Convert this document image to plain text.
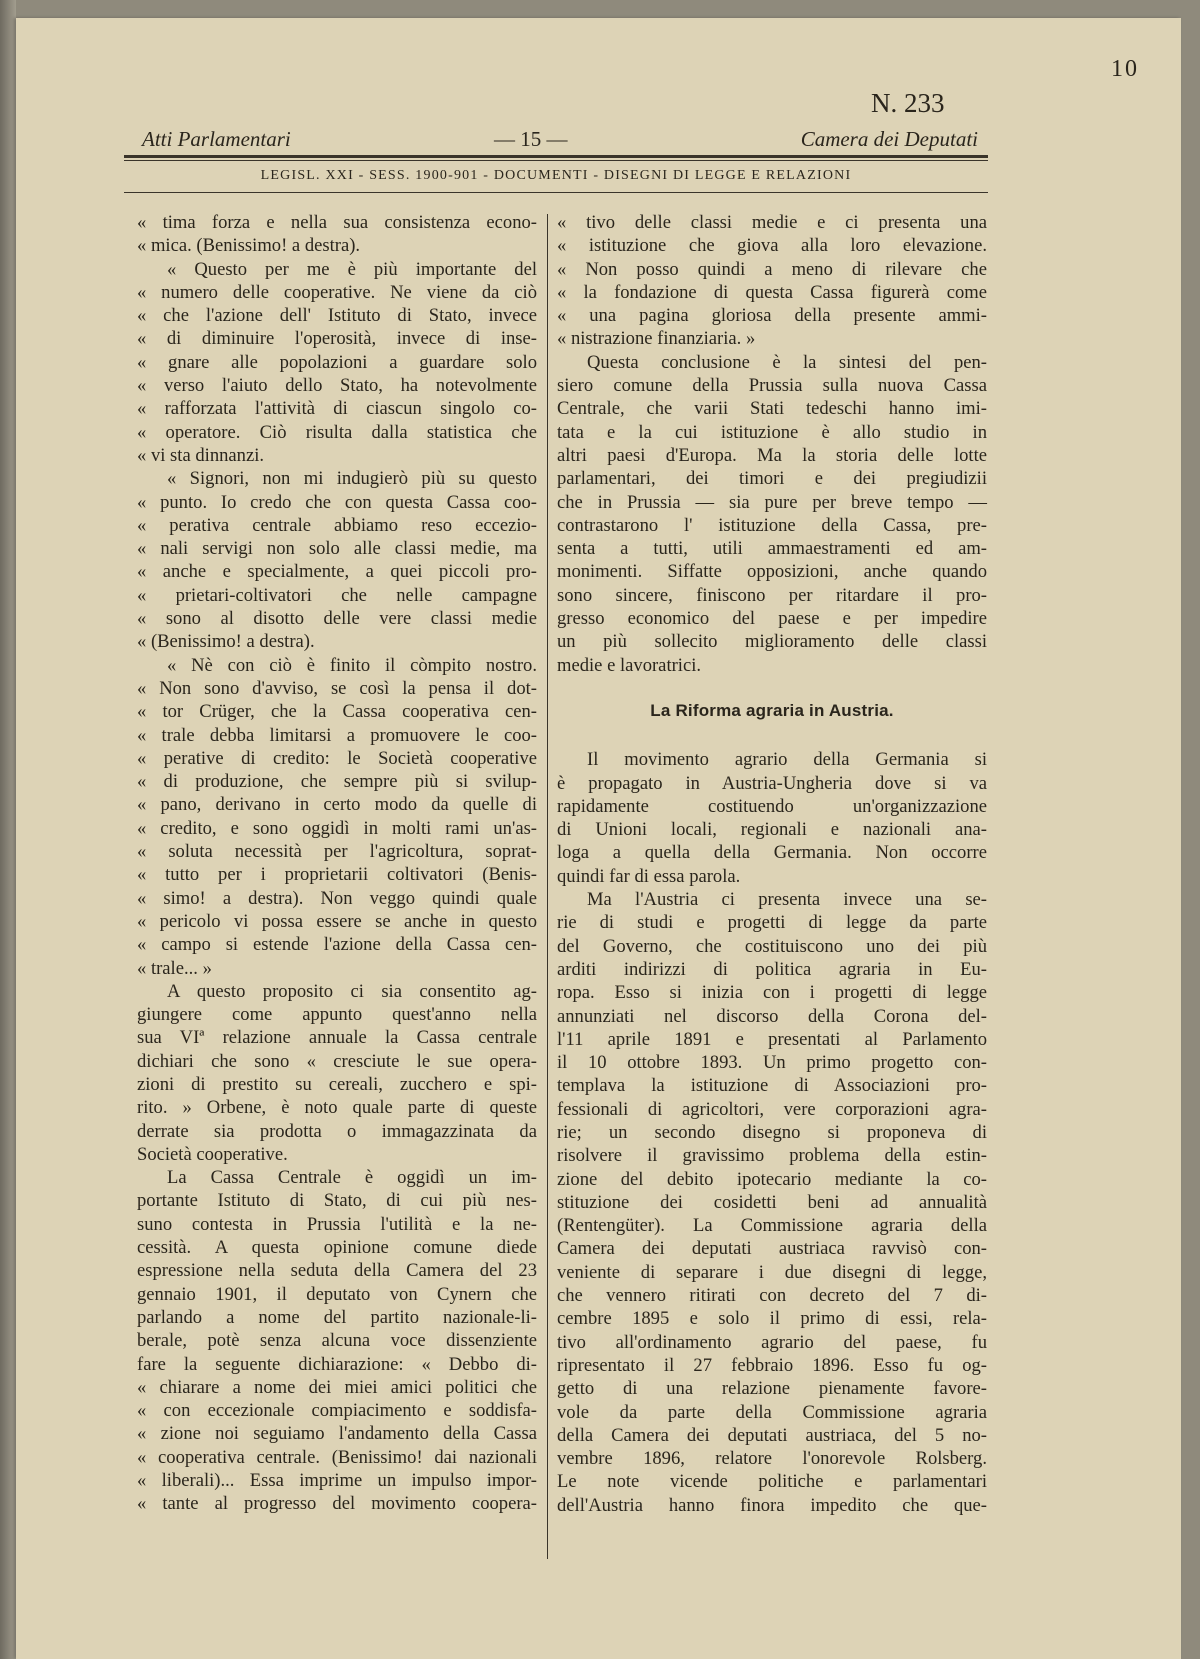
10
N. 233
Atti Parlamentari	— 15 —	Camera dei Deputati
LEGISL. XXI - SESS. 1900-901 - DOCUMENTI - DISEGNI DI LEGGE E RELAZIONI
« tima forza e nella sua consistenza econo-
« mica. (Benissimo! a destra).
« Questo per me è più importante del
« numero delle cooperative. Ne viene da ciò
« che l'azione dell' Istituto di Stato, invece
« di diminuire l'operosità, invece di inse-
« gnare alle popolazioni a guardare solo
« verso l'aiuto dello Stato, ha notevolmente
« rafforzata l'attività di ciascun singolo co-
« operatore. Ciò risulta dalla statistica che
« vi sta dinnanzi.
« Signori, non mi indugierò più su questo
« punto. Io credo che con questa Cassa coo-
« perativa centrale abbiamo reso eccezio-
« nali servigi non solo alle classi medie, ma
« anche e specialmente, a quei piccoli pro-
« prietari-coltivatori che nelle campagne
« sono al disotto delle vere classi medie
« (Benissimo! a destra).
« Nè con ciò è finito il còmpito nostro.
« Non sono d'avviso, se così la pensa il dot-
« tor Crüger, che la Cassa cooperativa cen-
« trale debba limitarsi a promuovere le coo-
« perative di credito: le Società cooperative
« di produzione, che sempre più si svilup-
« pano, derivano in certo modo da quelle di
« credito, e sono oggidì in molti rami un'as-
« soluta necessità per l'agricoltura, soprat-
« tutto per i proprietarii coltivatori (Benis-
« simo! a destra). Non veggo quindi quale
« pericolo vi possa essere se anche in questo
« campo si estende l'azione della Cassa cen-
« trale... »
A questo proposito ci sia consentito ag-
giungere come appunto quest'anno nella
sua VIª relazione annuale la Cassa centrale
dichiari che sono « cresciute le sue opera-
zioni di prestito su cereali, zucchero e spi-
rito. » Orbene, è noto quale parte di queste
derrate sia prodotta o immagazzinata da
Società cooperative.
La Cassa Centrale è oggidì un im-
portante Istituto di Stato, di cui più nes-
suno contesta in Prussia l'utilità e la ne-
cessità. A questa opinione comune diede
espressione nella seduta della Camera del 23
gennaio 1901, il deputato von Cynern che
parlando a nome del partito nazionale-li-
berale, potè senza alcuna voce dissenziente
fare la seguente dichiarazione: « Debbo di-
« chiarare a nome dei miei amici politici che
« con eccezionale compiacimento e soddisfa-
« zione noi seguiamo l'andamento della Cassa
« cooperativa centrale. (Benissimo! dai nazionali
« liberali)... Essa imprime un impulso impor-
« tante al progresso del movimento coopera-
« tivo delle classi medie e ci presenta una
« istituzione che giova alla loro elevazione.
« Non posso quindi a meno di rilevare che
« la fondazione di questa Cassa figurerà come
« una pagina gloriosa della presente ammi-
« nistrazione finanziaria. »
Questa conclusione è la sintesi del pen-
siero comune della Prussia sulla nuova Cassa
Centrale, che varii Stati tedeschi hanno imi-
tata e la cui istituzione è allo studio in
altri paesi d'Europa. Ma la storia delle lotte
parlamentari, dei timori e dei pregiudizii
che in Prussia — sia pure per breve tempo —
contrastarono l' istituzione della Cassa, pre-
senta a tutti, utili ammaestramenti ed am-
monimenti. Siffatte opposizioni, anche quando
sono sincere, finiscono per ritardare il pro-
gresso economico del paese e per impedire
un più sollecito miglioramento delle classi
medie e lavoratrici.
La Riforma agraria in Austria.
Il movimento agrario della Germania si
è propagato in Austria-Ungheria dove si va
rapidamente costituendo un'organizzazione
di Unioni locali, regionali e nazionali ana-
loga a quella della Germania. Non occorre
quindi far di essa parola.
Ma l'Austria ci presenta invece una se-
rie di studi e progetti di legge da parte
del Governo, che costituiscono uno dei più
arditi indirizzi di politica agraria in Eu-
ropa. Esso si inizia con i progetti di legge
annunziati nel discorso della Corona del-
l'11 aprile 1891 e presentati al Parlamento
il 10 ottobre 1893. Un primo progetto con-
templava la istituzione di Associazioni pro-
fessionali di agricoltori, vere corporazioni agra-
rie; un secondo disegno si proponeva di
risolvere il gravissimo problema della estin-
zione del debito ipotecario mediante la co-
stituzione dei cosidetti beni ad annualità
(Rentengüter). La Commissione agraria della
Camera dei deputati austriaca ravvisò con-
veniente di separare i due disegni di legge,
che vennero ritirati con decreto del 7 di-
cembre 1895 e solo il primo di essi, rela-
tivo all'ordinamento agrario del paese, fu
ripresentato il 27 febbraio 1896. Esso fu og-
getto di una relazione pienamente favore-
vole da parte della Commissione agraria
della Camera dei deputati austriaca, del 5 no-
vembre 1896, relatore l'onorevole Rolsberg.
Le note vicende politiche e parlamentari
dell'Austria hanno finora impedito che que-
